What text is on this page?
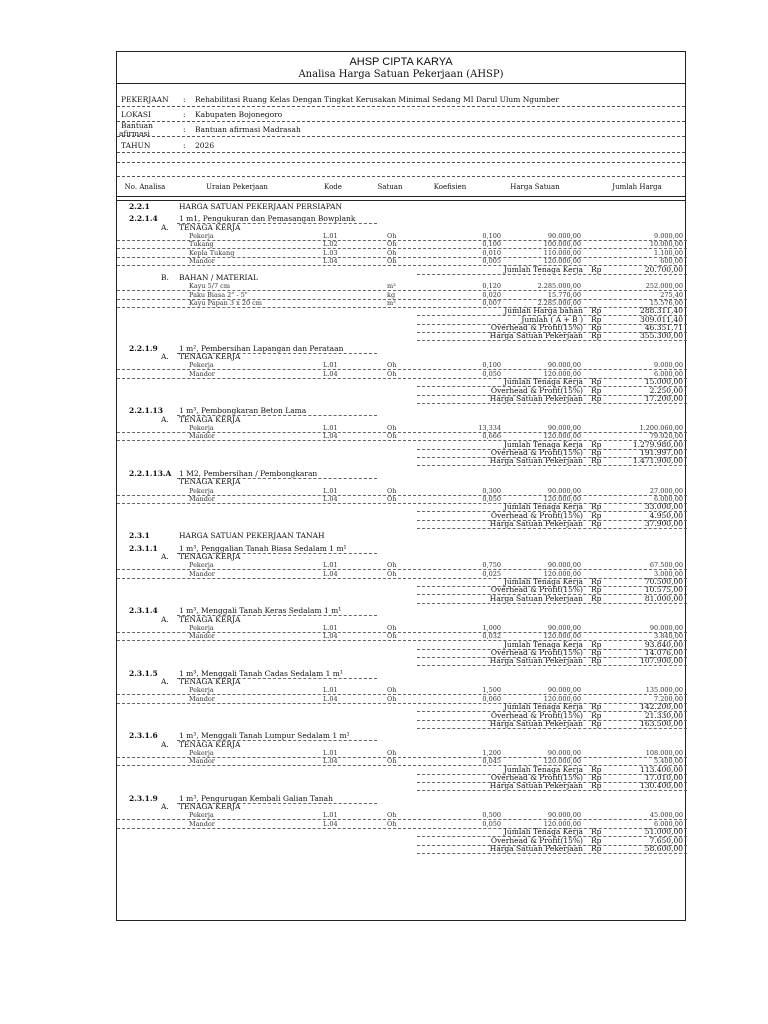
AHSP CIPTA KARYA
Analisa Harga Satuan Pekerjaan (AHSP)
PEKERJAAN	:	Rehabilitasi Ruang Kelas Dengan Tingkat Kerusakan Minimal Sedang MI Darul Ulum Ngumber
LOKASI	:	Kabupaten Bojonegoro
Bantuan
afirmasi	:	Bantuan afirmasi Madrasah
TAHUN	:	2026
No. Analisa	Uraian Pekerjaan	Kode	Satuan	Koefisien	Harga Satuan	Jumlah Harga
2.2.1	HARGA SATUAN PEKERJAAN PERSIAPAN
2.2.1.4	1 m1, Pengukuran dan Pemasangan Bowplank
A.	TENAGA KERJA
Pekerja	L.01	Oh	0,100	90.000,00	9.000,00
Tukang	L.02	Oh	0,100	100.000,00	10.000,00
Kepla Tukang	L.03	Oh	0,010	110.000,00	1.100,00
Mandor	L.04	Oh	0,005	120.000,00	600,00
Jumlah Tenaga Kerja Rp	20.700,00
B.	BAHAN / MATERIAL
Kayu 5/7 cm	m³	0,120	2.285.000,00	252.000,00
Paku Biasa 2" - 5"	kg	0,020	15.770,00	275,40
Kayu Papan 3 x 20 cm	m³	0,007	2.285.000,00	15.576,00
Jumlah Harga bahan Rp	288.311,40
Jumlah ( A + B ) Rp	309.011,40
Overhead & Profit(15%) Rp	46.351,71
Harga Satuan Pekerjaan Rp	355.300,00
2.2.1.9	1 m², Pembersihan Lapangan dan Perataan
A.	TENAGA KERJA
Pekerja	L.01	Oh	0,100	90.000,00	9.000,00
Mandor	L.04	Oh	0,050	120.000,00	6.000,00
Jumlah Tenaga Kerja Rp	15.000,00
Overhead & Profit(15%) Rp	2.250,00
Harga Satuan Pekerjaan Rp	17.200,00
2.2.1.13	1 m³, Pembongkaran Beton Lama
A.	TENAGA KERJA
Pekerja	L.01	Oh	13,334	90.000,00	1.200.060,00
Mandor	L.04	Oh	0,666	120.000,00	79.920,00
Jumlah Tenaga Kerja Rp	1.279.980,00
Overhead & Profit(15%) Rp	191.997,00
Harga Satuan Pekerjaan Rp	1.471.900,00
2.2.1.13.A	1 M2, Pembersihan / Pembongkaran
TENAGA KERJA
Pekerja	L.01	Oh	0,300	90.000,00	27.000,00
Mandor	L.04	Oh	0,050	120.000,00	6.000,00
Jumlah Tenaga Kerja Rp	33.000,00
Overhead & Profit(15%) Rp	4.950,00
Harga Satuan Pekerjaan Rp	37.900,00
2.3.1	HARGA SATUAN PEKERJAAN TANAH
2.3.1.1	1 m³, Penggalian Tanah Biasa Sedalam 1 m¹
A.	TENAGA KERJA
Pekerja	L.01	Oh	0,750	90.000,00	67.500,00
Mandor	L.04	Oh	0,025	120.000,00	3.000,00
Jumlah Tenaga Kerja Rp	70.500,00
Overhead & Profit(15%) Rp	10.575,00
Harga Satuan Pekerjaan Rp	81.000,00
2.3.1.4	1 m³, Menggali Tanah Keras Sedalam 1 m¹
A.	TENAGA KERJA
Pekerja	L.01	Oh	1,000	90.000,00	90.000,00
Mandor	L.04	Oh	0,032	120.000,00	3.840,00
Jumlah Tenaga Kerja Rp	93.840,00
Overhead & Profit(15%) Rp	14.076,00
Harga Satuan Pekerjaan Rp	107.900,00
2.3.1.5	1 m³, Menggali Tanah Cadas Sedalam 1 m¹
A.	TENAGA KERJA
Pekerja	L.01	Oh	1,500	90.000,00	135.000,00
Mandor	L.04	Oh	0,060	120.000,00	7.200,00
Jumlah Tenaga Kerja Rp	142.200,00
Overhead & Profit(15%) Rp	21.330,00
Harga Satuan Pekerjaan Rp	163.500,00
2.3.1.6	1 m³, Menggali Tanah Lumpur Sedalam 1 m¹
A.	TENAGA KERJA
Pekerja	L.01	Oh	1,200	90.000,00	108.000,00
Mandor	L.04	Oh	0,045	120.000,00	5.400,00
Jumlah Tenaga Kerja Rp	113.400,00
Overhead & Profit(15%) Rp	17.010,00
Harga Satuan Pekerjaan Rp	130.400,00
2.3.1.9	1 m³, Pengurugan Kembali Galian Tanah
A.	TENAGA KERJA
Pekerja	L.01	Oh	0,500	90.000,00	45.000,00
Mandor	L.04	Oh	0,050	120.000,00	6.000,00
Jumlah Tenaga Kerja Rp	51.000,00
Overhead & Profit(15%) Rp	7.650,00
Harga Satuan Pekerjaan Rp	58.600,00
